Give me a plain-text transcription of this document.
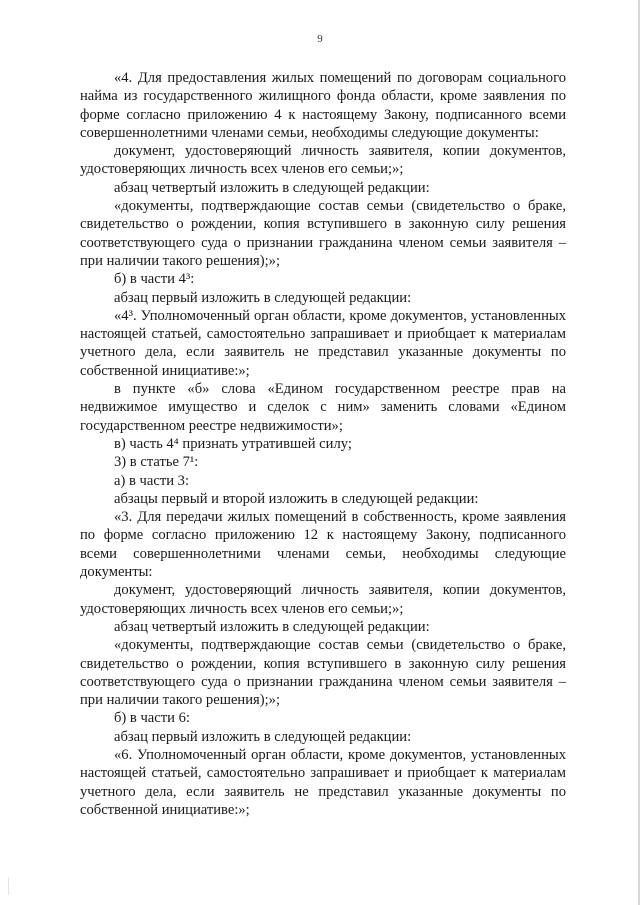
9

«4. Для предоставления жилых помещений по договорам социального найма из государственного жилищного фонда области, кроме заявления по форме согласно приложению 4 к настоящему Закону, подписанного всеми совершеннолетними членами семьи, необходимы следующие документы:

документ, удостоверяющий личность заявителя, копии документов, удостоверяющих личность всех членов его семьи;»;

абзац четвертый изложить в следующей редакции:

«документы, подтверждающие состав семьи (свидетельство о браке, свидетельство о рождении, копия вступившего в законную силу решения соответствующего суда о признании гражданина членом семьи заявителя – при наличии такого решения);»;

б) в части 4³:

абзац первый изложить в следующей редакции:

«4³. Уполномоченный орган области, кроме документов, установленных настоящей статьей, самостоятельно запрашивает и приобщает к материалам учетного дела, если заявитель не представил указанные документы по собственной инициативе:»;

в пункте «б» слова «Едином государственном реестре прав на недвижимое имущество и сделок с ним» заменить словами «Едином государственном реестре недвижимости»;

в) часть 4⁴ признать утратившей силу;

3) в статье 7¹:

а) в части 3:

абзацы первый и второй изложить в следующей редакции:

«3. Для передачи жилых помещений в собственность, кроме заявления по форме согласно приложению 12 к настоящему Закону, подписанного всеми совершеннолетними членами семьи, необходимы следующие документы:

документ, удостоверяющий личность заявителя, копии документов, удостоверяющих личность всех членов его семьи;»;

абзац четвертый изложить в следующей редакции:

«документы, подтверждающие состав семьи (свидетельство о браке, свидетельство о рождении, копия вступившего в законную силу решения соответствующего суда о признании гражданина членом семьи заявителя – при наличии такого решения);»;

б) в части 6:

абзац первый изложить в следующей редакции:

«6. Уполномоченный орган области, кроме документов, установленных настоящей статьей, самостоятельно запрашивает и приобщает к материалам учетного дела, если заявитель не представил указанные документы по собственной инициативе:»;
